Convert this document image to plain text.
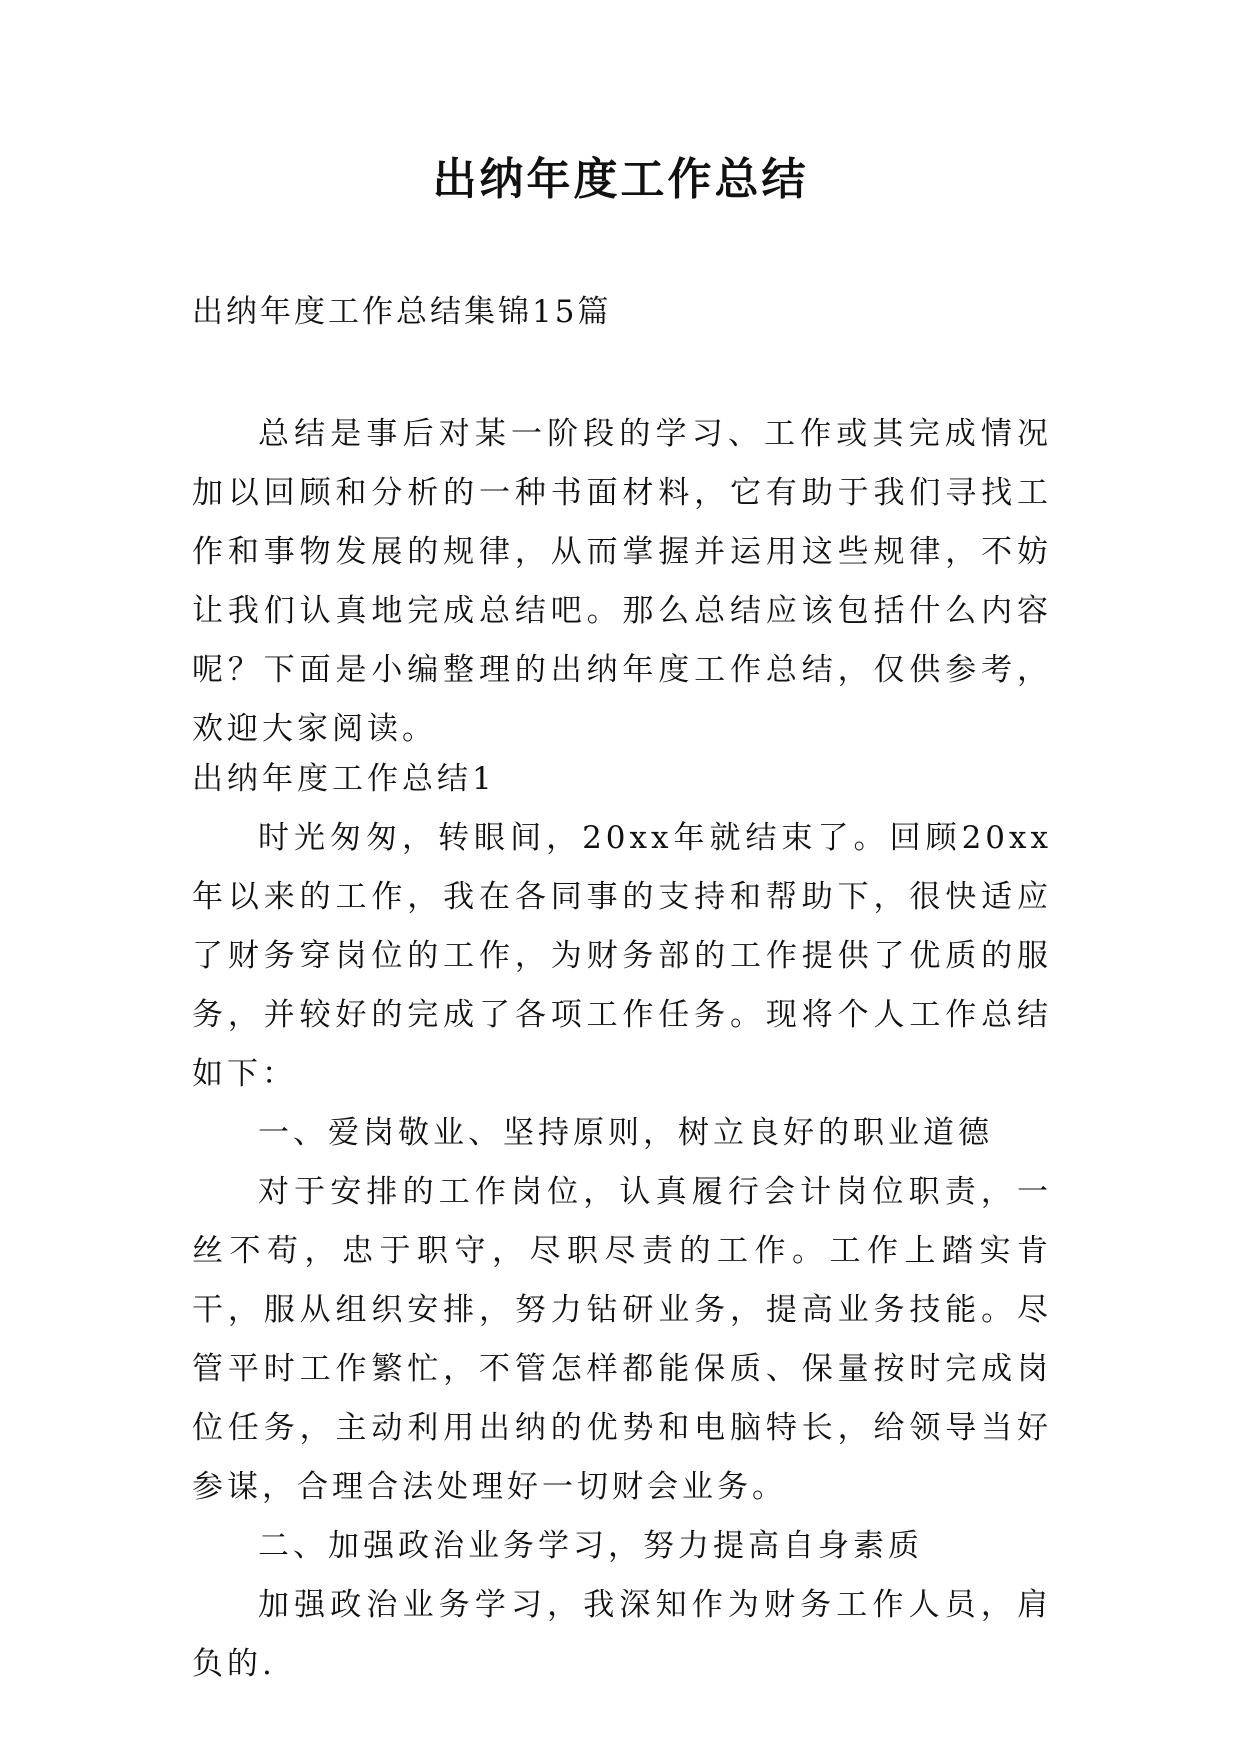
出纳年度工作总结

出纳年度工作总结集锦15篇

总结是事后对某一阶段的学习、工作或其完成情况加以回顾和分析的一种书面材料，它有助于我们寻找工作和事物发展的规律，从而掌握并运用这些规律，不妨让我们认真地完成总结吧。那么总结应该包括什么内容呢？下面是小编整理的出纳年度工作总结，仅供参考，欢迎大家阅读。

出纳年度工作总结1

时光匆匆，转眼间，20xx年就结束了。回顾20xx年以来的工作，我在各同事的支持和帮助下，很快适应了财务穿岗位的工作，为财务部的工作提供了优质的服务，并较好的完成了各项工作任务。现将个人工作总结如下：

一、爱岗敬业、坚持原则，树立良好的职业道德

对于安排的工作岗位，认真履行会计岗位职责，一丝不苟，忠于职守，尽职尽责的工作。工作上踏实肯干，服从组织安排，努力钻研业务，提高业务技能。尽管平时工作繁忙，不管怎样都能保质、保量按时完成岗位任务，主动利用出纳的优势和电脑特长，给领导当好参谋，合理合法处理好一切财会业务。

二、加强政治业务学习，努力提高自身素质

加强政治业务学习，我深知作为财务工作人员，肩负的.
